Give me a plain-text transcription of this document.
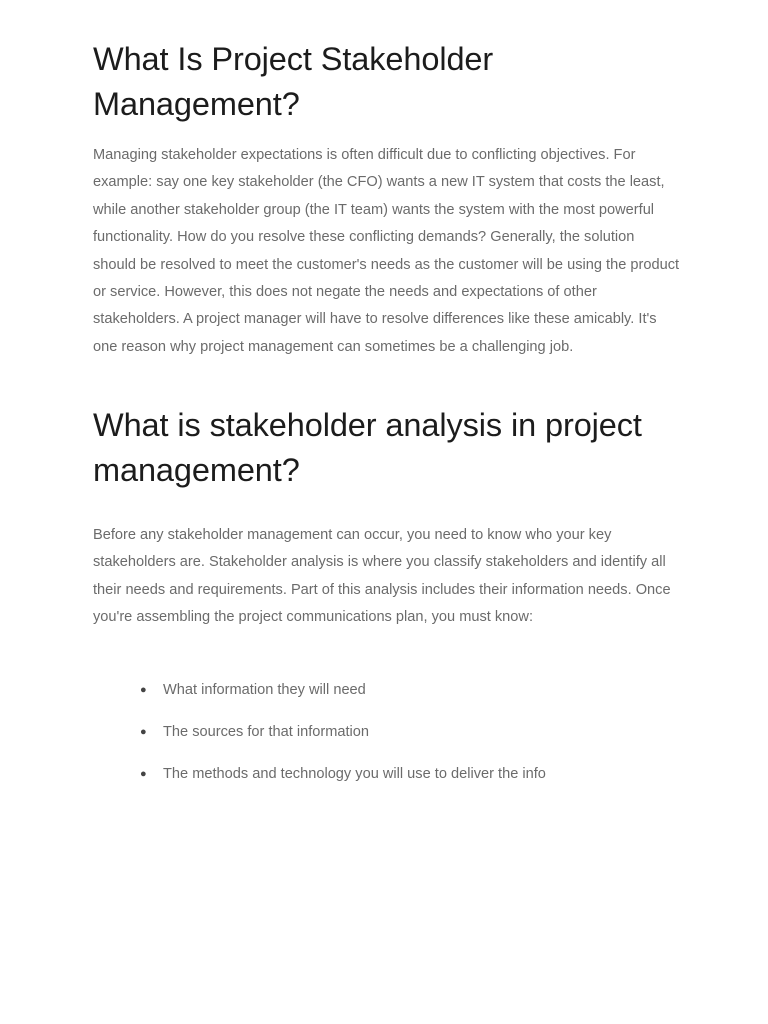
What Is Project Stakeholder Management?

Managing stakeholder expectations is often difficult due to conflicting objectives. For example: say one key stakeholder (the CFO) wants a new IT system that costs the least, while another stakeholder group (the IT team) wants the system with the most powerful functionality. How do you resolve these conflicting demands? Generally, the solution should be resolved to meet the customer's needs as the customer will be using the product or service. However, this does not negate the needs and expectations of other stakeholders. A project manager will have to resolve differences like these amicably. It's one reason why project management can sometimes be a challenging job.

What is stakeholder analysis in project management?

Before any stakeholder management can occur, you need to know who your key stakeholders are. Stakeholder analysis is where you classify stakeholders and identify all their needs and requirements. Part of this analysis includes their information needs. Once you're assembling the project communications plan, you must know:

● What information they will need
● The sources for that information
● The methods and technology you will use to deliver the info
